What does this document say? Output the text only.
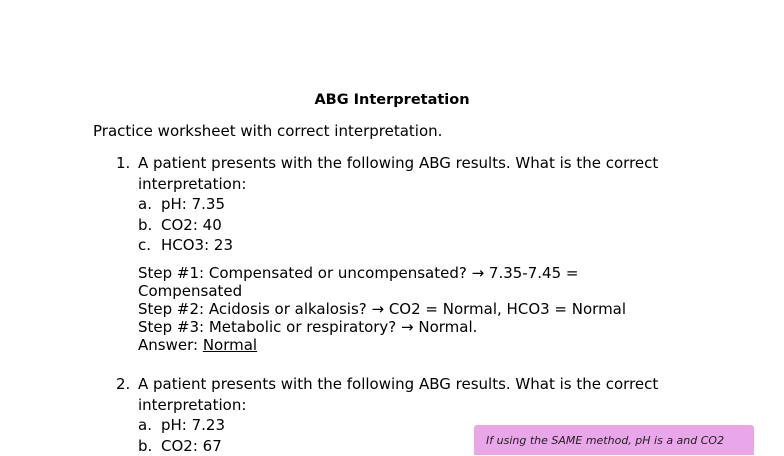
ABG Interpretation
Practice worksheet with correct interpretation.
1. A patient presents with the following ABG results. What is the correct
interpretation:
a. pH: 7.35
b. CO2: 40
c. HCO3: 23
Step #1: Compensated or uncompensated? → 7.35-7.45 =
Compensated
Step #2: Acidosis or alkalosis? → CO2 = Normal, HCO3 = Normal
Step #3: Metabolic or respiratory? → Normal.
Answer: Normal
2. A patient presents with the following ABG results. What is the correct
interpretation:
a. pH: 7.23
b. CO2: 67	If using the SAME method, pH is a and CO2
